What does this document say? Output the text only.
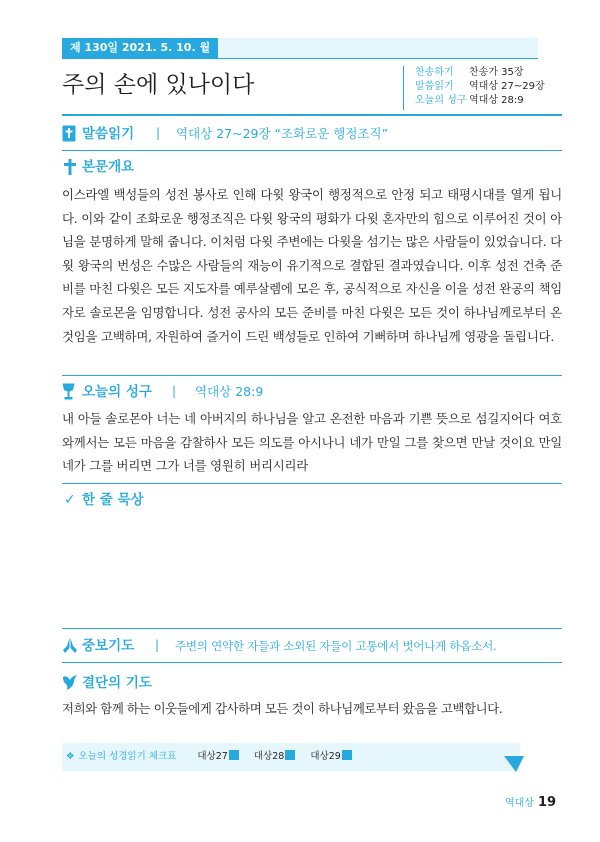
제 130일 2021. 5. 10. 월
주의 손에 있나이다	찬송하기 찬송가 35장
말씀읽기 역대상 27~29장
오늘의 성구 역대상 28:9
말씀읽기 | 역대상 27~29장 “조화로운 행정조직”
본문개요
이스라엘 백성들의 성전 봉사로 인해 다윗 왕국이 행정적으로 안정 되고 태평시대를 열게 됩니다. 이와 같이 조화로운 행정조직은 다윗 왕국의 평화가 다윗 혼자만의 힘으로 이루어진 것이 아님을 분명하게 말해 줍니다. 이처럼 다윗 주변에는 다윗을 섬기는 많은 사람들이 있었습니다. 다윗 왕국의 번성은 수많은 사람들의 재능이 유기적으로 결합된 결과였습니다. 이후 성전 건축 준비를 마친 다윗은 모든 지도자를 예루살렘에 모은 후, 공식적으로 자신을 이을 성전 완공의 책임자로 솔로몬을 임명합니다. 성전 공사의 모든 준비를 마친 다윗은 모든 것이 하나님께로부터 온 것임을 고백하며, 자원하여 즐거이 드린 백성들로 인하여 기뻐하며 하나님께 영광을 돌립니다.
오늘의 성구 | 역대상 28:9
내 아들 솔로몬아 너는 네 아버지의 하나님을 알고 온전한 마음과 기쁜 뜻으로 섬길지어다 여호와께서는 모든 마음을 감찰하사 모든 의도를 아시나니 네가 만일 그를 찾으면 만날 것이요 만일 네가 그를 버리면 그가 너를 영원히 버리시리라
✓ 한 줄 묵상
중보기도 | 주변의 연약한 자들과 소외된 자들이 고통에서 벗어나게 하옵소서.
결단의 기도
저희와 함께 하는 이웃들에게 감사하며 모든 것이 하나님께로부터 왔음을 고백합니다.
❖ 오늘의 성경읽기 체크표 대상27	대상28	대상29
역대상 19
